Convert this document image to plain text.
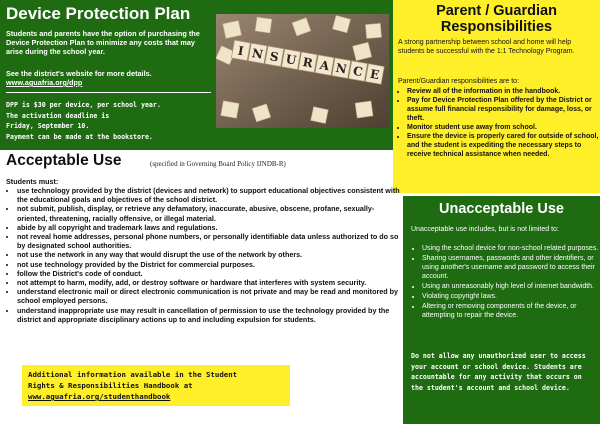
Device Protection Plan

Students and parents have the option of purchasing the Device Protection Plan to minimize any costs that may arise during the school year.

See the district's website for more details.
www.aguafria.org/dpp

DPP is $30 per device, per school year.
The activation deadline is
Friday, September 10.
Payment can be made at the bookstore.

I N S U R A N C E
Parent / Guardian
Responsibilities

A strong partnership between school and home will help students be successful with the 1:1 Technology Program.

Parent/Guardian responsibilities are to:

• Review all of the information in the handbook.
• Pay for Device Protection Plan offered by the District or assume full financial responsibility for damage, loss, or theft.
• Monitor student use away from school.
• Ensure the device is properly cared for outside of school, and the student is expediting the necessary steps to receive technical assistance when needed.
Acceptable Use	(specified in Governing Board Policy IJNDB-R)

Students must:

• use technology provided by the district (devices and network) to support educational objectives consistent with the educational goals and objectives of the school district.
• not submit, publish, display, or retrieve any defamatory, inaccurate, abusive, obscene, profane, sexually-oriented, threatening, racially offensive, or illegal material.
• abide by all copyright and trademark laws and regulations.
• not reveal home addresses, personal phone numbers, or personally identifiable data unless authorized to do so by designated school authorities.
• not use the network in any way that would disrupt the use of the network by others.
• not use technology provided by the District for commercial purposes.
• follow the District's code of conduct.
• not attempt to harm, modify, add, or destroy software or hardware that interferes with system security.
• understand electronic mail or direct electronic communication is not private and may be read and monitored by school employed persons.
• understand inappropriate use may result in cancellation of permission to use the technology provided by the district and appropriate disciplinary actions up to and including expulsion for students.

Additional information available in the Student
Rights & Responsibilities Handbook at
www.aguafria.org/studenthandbook

Unacceptable Use

Unacceptable use includes, but is not limited to:

• Using the school device for non-school related purposes.
• Sharing usernames, passwords and other identifiers, or using another's username and password to access their account.
• Using an unreasonably high level of internet bandwidth.
• Violating copyright laws.
• Altering or removing components of the device, or attempting to repair the device.

Do not allow any unauthorized user to access your account or school device. Students are accountable for any activity that occurs on the student's account and school device.
